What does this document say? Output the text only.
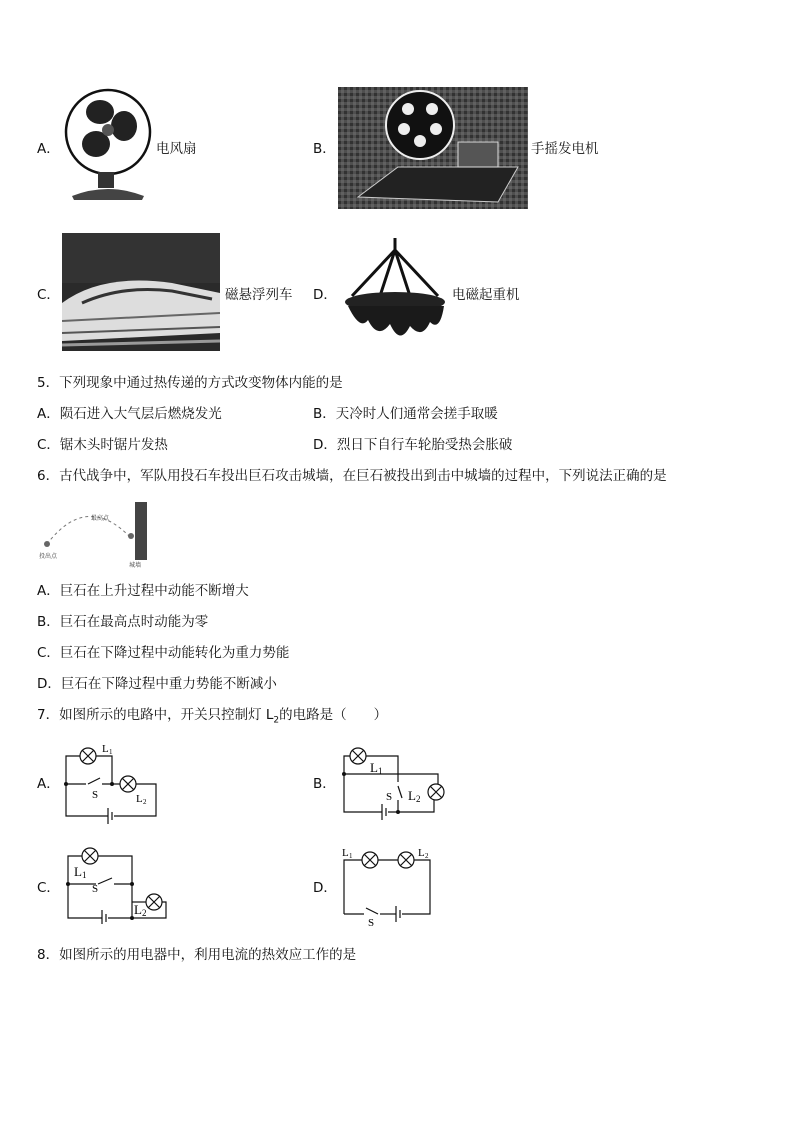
A．	电风扇	B．	手摇发电机
C．	磁悬浮列车 D．	电磁起重机
5．下列现象中通过热传递的方式改变物体内能的是
A．陨石进入大气层后燃烧发光	B．天冷时人们通常会搓手取暖
C．锯木头时锯片发热	D．烈日下自行车轮胎受热会胀破
6．古代战争中，军队用投石车投出巨石攻击城墙，在巨石被投出到击中城墙的过程中，下列说法正确的是
投出点
最高点
城墙
A．巨石在上升过程中动能不断增大
B．巨石在最高点时动能为零
C．巨石在下降过程中动能转化为重力势能
D．巨石在下降过程中重力势能不断减小
7．如图所示的电路中，开关只控制灯 $L_2$的电路是（　　）
A．
L 1
S	L 2
B．
L 1
S L 2
C．
L 1
S
L 2
D．
L 1	L 2
S
8．如图所示的用电器中，利用电流的热效应工作的是
